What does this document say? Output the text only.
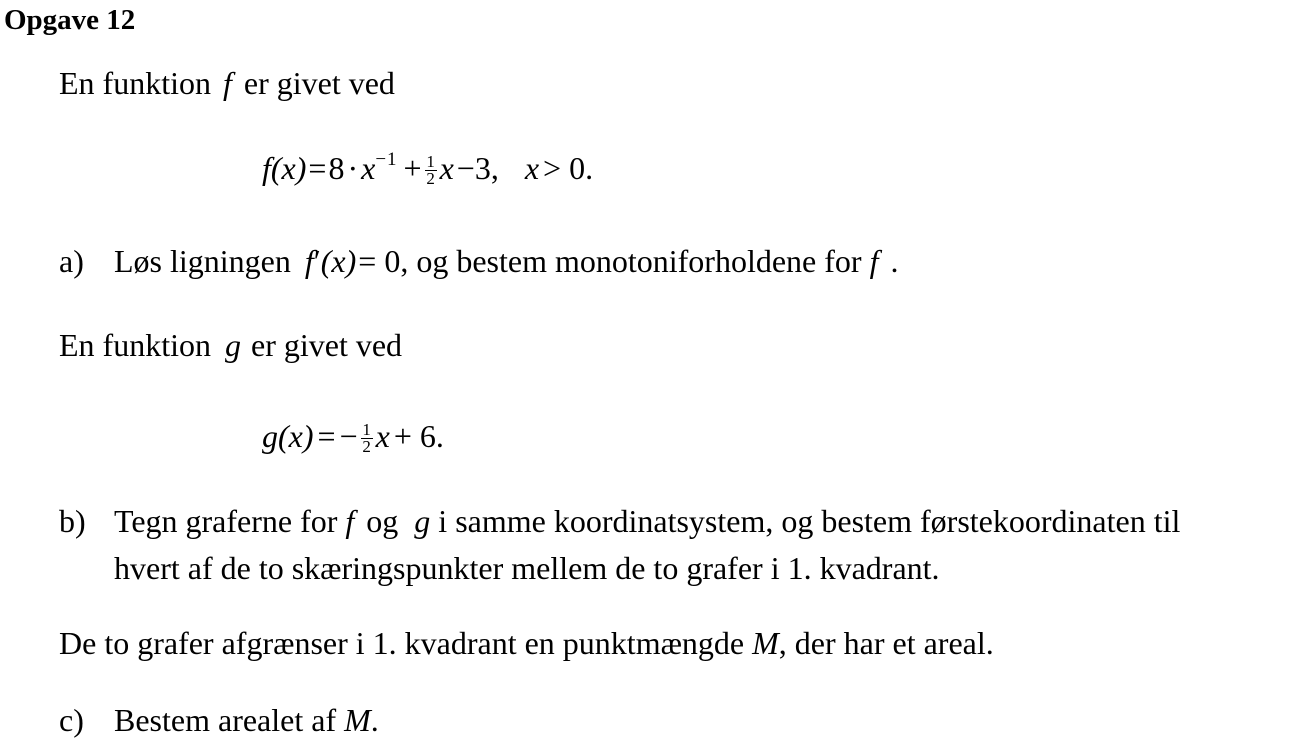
Opgave 12
En funktion f er givet ved
$f(x)=8\cdot x^{-1} + \frac{1}{2} x-3$, x > 0.
a) Løs ligningen f′(x)= 0, og bestem monotoniforholdene for f .
En funktion g er givet ved
g(x) = − $\frac{1}{2}$ x + 6.
b) Tegn graferne for f og g i samme koordinatsystem, og bestem førstekoordinaten til
hvert af de to skæringspunkter mellem de to grafer i 1. kvadrant.
De to grafer afgrænser i 1. kvadrant en punktmængde M, der har et areal.
c) Bestem arealet af M.
